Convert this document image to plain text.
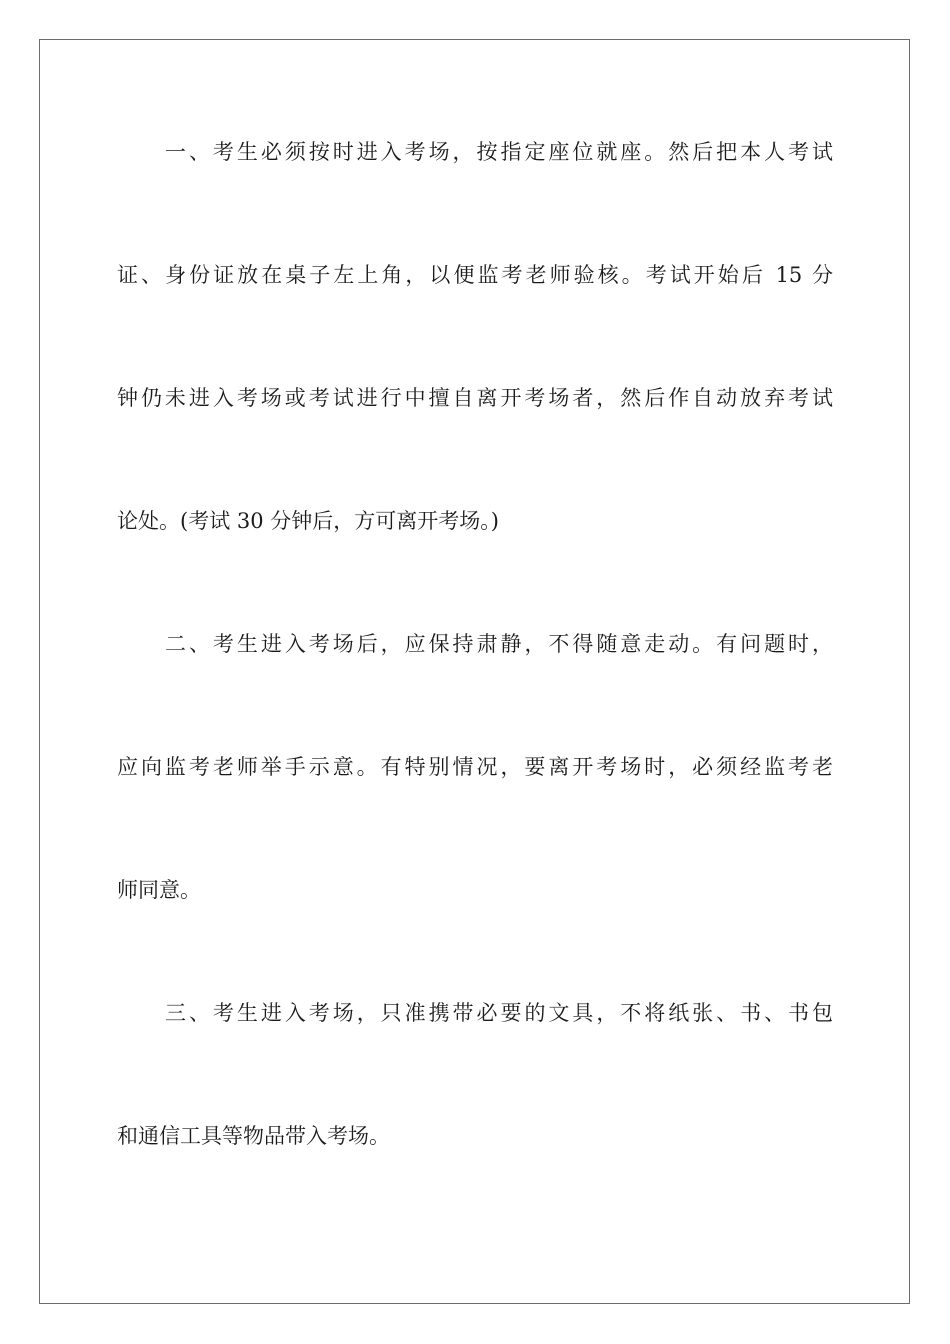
一、考生必须按时进入考场，按指定座位就座。然后把本人考试
证、身份证放在桌子左上角，以便监考老师验核。考试开始后 15 分
钟仍未进入考场或考试进行中擅自离开考场者，然后作自动放弃考试
论处。(考试 30 分钟后，方可离开考场。)
二、考生进入考场后，应保持肃静，不得随意走动。有问题时，
应向监考老师举手示意。有特别情况，要离开考场时，必须经监考老
师同意。
三、考生进入考场，只准携带必要的文具，不将纸张、书、书包
和通信工具等物品带入考场。
